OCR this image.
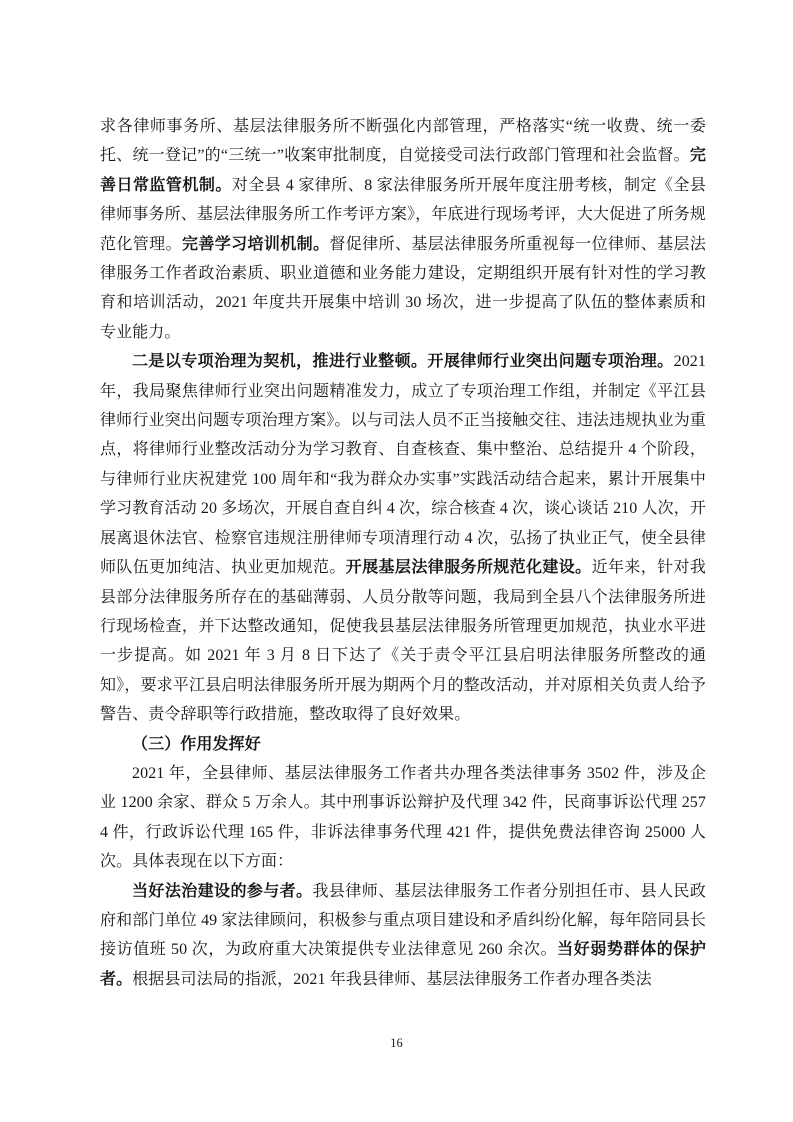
求各律师事务所、基层法律服务所不断强化内部管理，严格落实“统一收费、统一委托、统一登记”的“三统一”收案审批制度，自觉接受司法行政部门管理和社会监督。完善日常监管机制。对全县 4 家律所、8 家法律服务所开展年度注册考核，制定《全县律师事务所、基层法律服务所工作考评方案》，年底进行现场考评，大大促进了所务规范化管理。完善学习培训机制。督促律所、基层法律服务所重视每一位律师、基层法律服务工作者政治素质、职业道德和业务能力建设，定期组织开展有针对性的学习教育和培训活动，2021 年度共开展集中培训 30 场次，进一步提高了队伍的整体素质和专业能力。

二是以专项治理为契机，推进行业整顿。开展律师行业突出问题专项治理。2021 年，我局聚焦律师行业突出问题精准发力，成立了专项治理工作组，并制定《平江县律师行业突出问题专项治理方案》。以与司法人员不正当接触交往、违法违规执业为重点，将律师行业整改活动分为学习教育、自查核查、集中整治、总结提升 4 个阶段，与律师行业庆祝建党 100 周年和“我为群众办实事”实践活动结合起来，累计开展集中学习教育活动 20 多场次，开展自查自纠 4 次，综合核查 4 次，谈心谈话 210 人次，开展离退休法官、检察官违规注册律师专项清理行动 4 次，弘扬了执业正气，使全县律师队伍更加纯洁、执业更加规范。开展基层法律服务所规范化建设。近年来，针对我县部分法律服务所存在的基础薄弱、人员分散等问题，我局到全县八个法律服务所进行现场检查，并下达整改通知，促使我县基层法律服务所管理更加规范，执业水平进一步提高。如 2021 年 3 月 8 日下达了《关于责令平江县启明法律服务所整改的通知》，要求平江县启明法律服务所开展为期两个月的整改活动，并对原相关负责人给予警告、责令辞职等行政措施，整改取得了良好效果。

（三）作用发挥好

2021 年，全县律师、基层法律服务工作者共办理各类法律事务 3502 件，涉及企业 1200 余家、群众 5 万余人。其中刑事诉讼辩护及代理 342 件，民商事诉讼代理 2574 件，行政诉讼代理 165 件，非诉法律事务代理 421 件，提供免费法律咨询 25000 人次。具体表现在以下方面：

当好法治建设的参与者。我县律师、基层法律服务工作者分别担任市、县人民政府和部门单位 49 家法律顾问，积极参与重点项目建设和矛盾纠纷化解，每年陪同县长接访值班 50 次，为政府重大决策提供专业法律意见 260 余次。当好弱势群体的保护者。根据县司法局的指派，2021 年我县律师、基层法律服务工作者办理各类法

16
